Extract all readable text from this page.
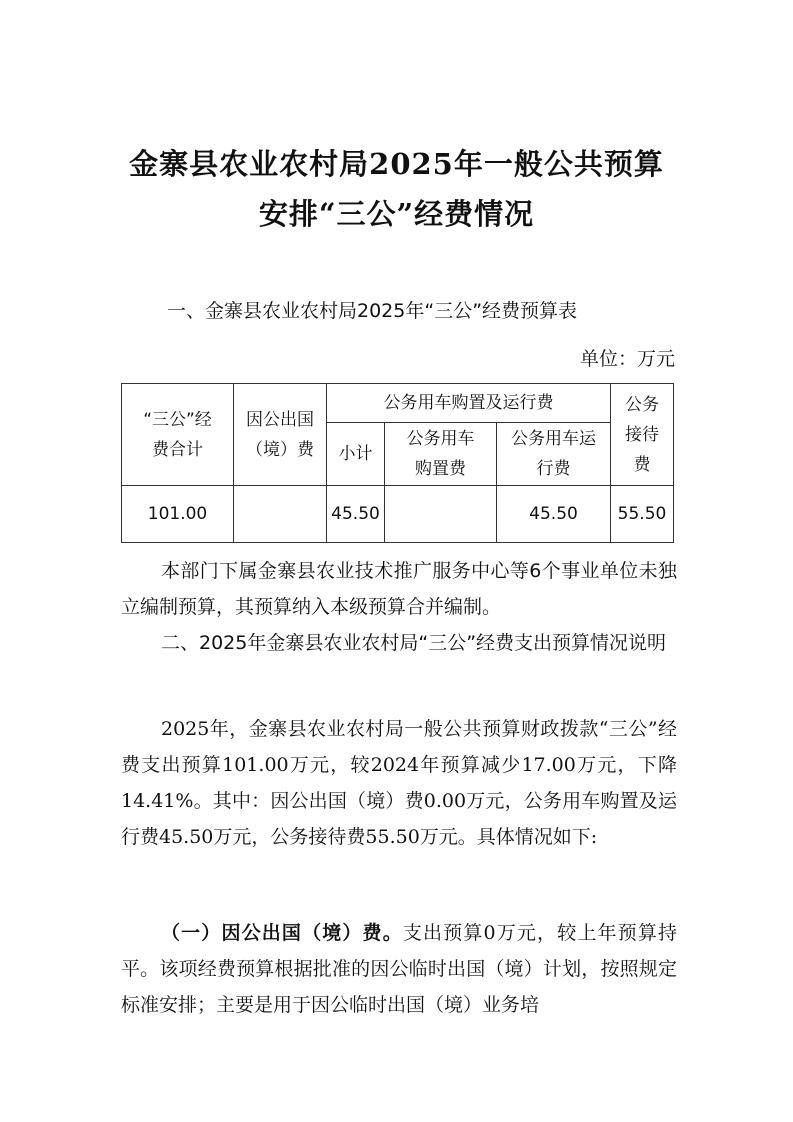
金寨县农业农村局2025年一般公共预算
安排“三公”经费情况
一、金寨县农业农村局2025年“三公”经费预算表
单位：万元
“三公”经费合计	因公出国（境）费	公务用车购置及运行费			公务接待费
		小计	公务用车购置费	公务用车运行费	
101.00		45.50		45.50	55.50

本部门下属金寨县农业技术推广服务中心等6个事业单位未独立编制预算，其预算纳入本级预算合并编制。

二、2025年金寨县农业农村局“三公”经费支出预算情况说明

2025年，金寨县农业农村局一般公共预算财政拨款“三公”经费支出预算101.00万元，较2024年预算减少17.00万元，下降14.41%。其中：因公出国（境）费0.00万元，公务用车购置及运行费45.50万元，公务接待费55.50万元。具体情况如下:

（一）因公出国（境）费。支出预算0万元，较上年预算持平。该项经费预算根据批准的因公临时出国（境）计划，按照规定标准安排；主要是用于因公临时出国（境）业务培
